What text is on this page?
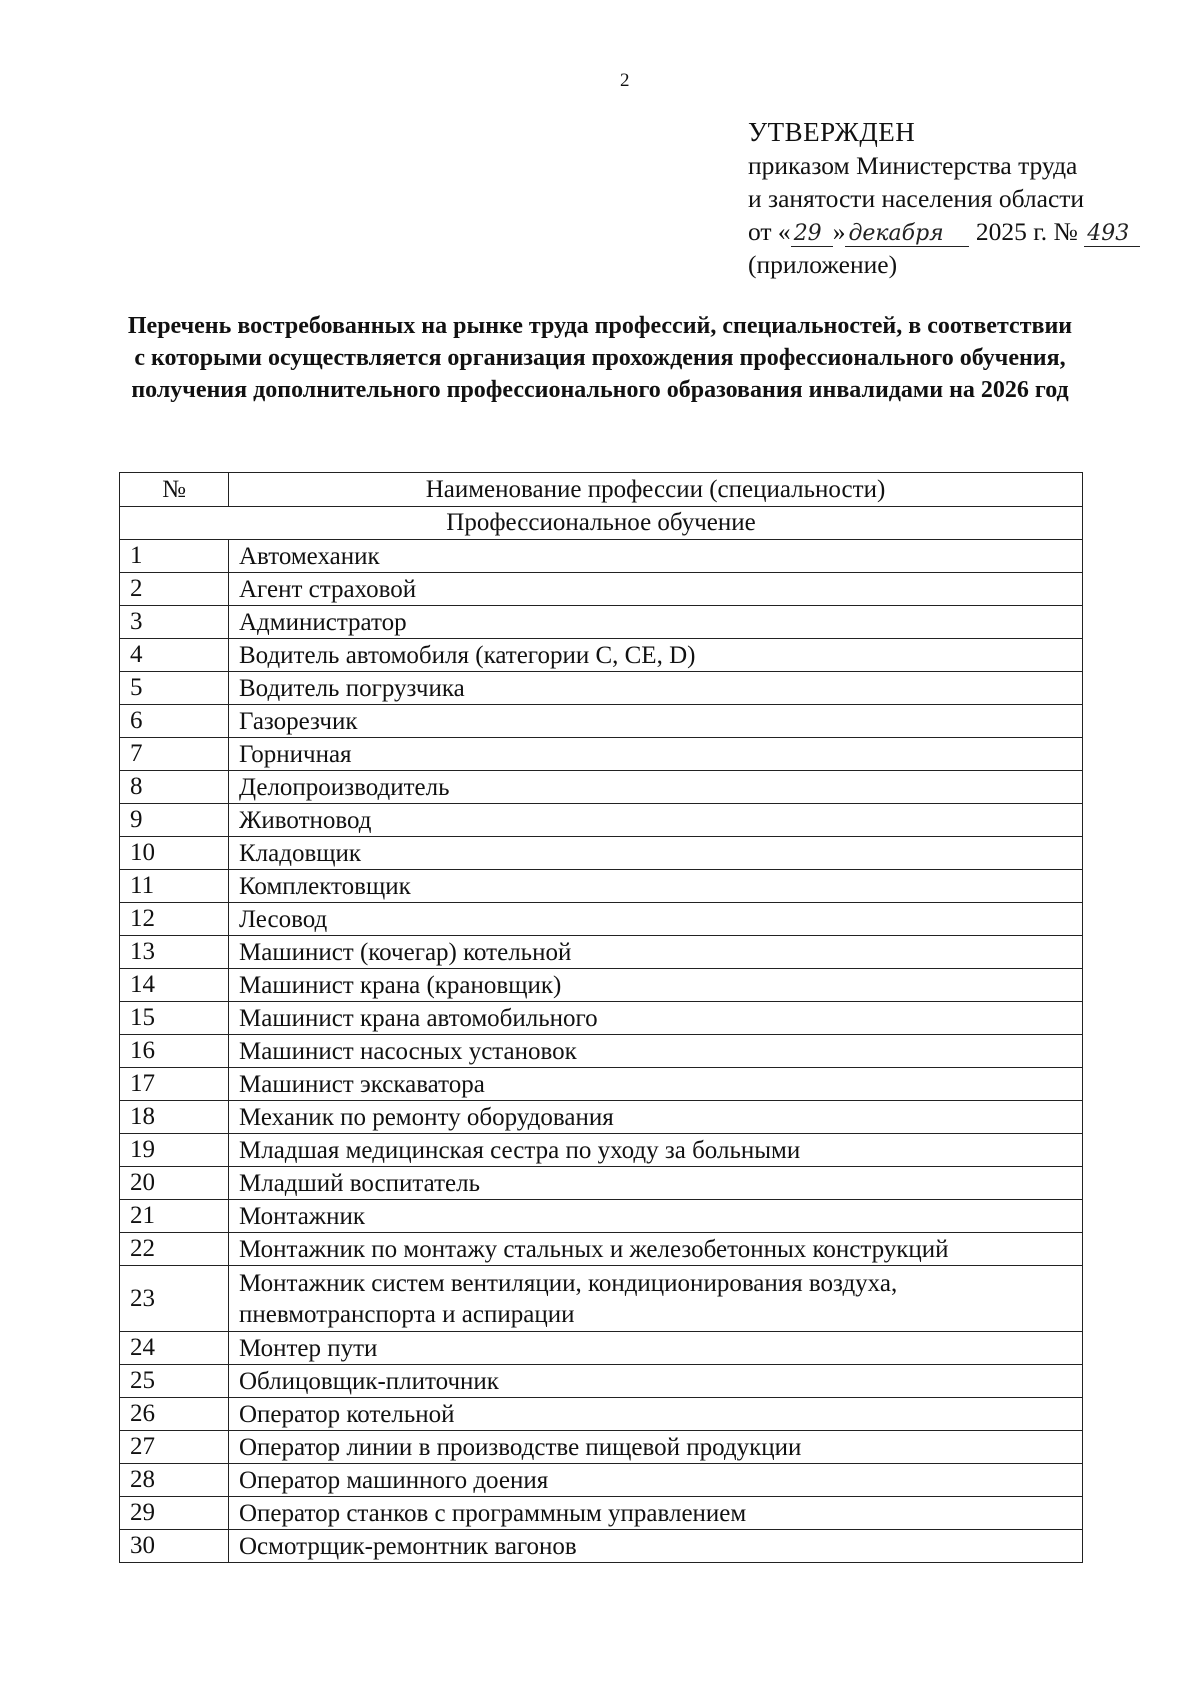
2
УТВЕРЖДЕН
приказом Министерства труда
и занятости населения области
от « 29 » декабря 2025 г. № 493
(приложение)
Перечень востребованных на рынке труда профессий, специальностей, в соответствии с которыми осуществляется организация прохождения профессионального обучения, получения дополнительного профессионального образования инвалидами на 2026 год
№	Наименование профессии (специальности)
Профессиональное обучение	
1	Автомеханик
2	Агент страховой
3	Администратор
4	Водитель автомобиля (категории С, СЕ, D)
5	Водитель погрузчика
6	Газорезчик
7	Горничная
8	Делопроизводитель
9	Животновод
10	Кладовщик
11	Комплектовщик
12	Лесовод
13	Машинист (кочегар) котельной
14	Машинист крана (крановщик)
15	Машинист крана автомобильного
16	Машинист насосных установок
17	Машинист экскаватора
18	Механик по ремонту оборудования
19	Младшая медицинская сестра по уходу за больными
20	Младший воспитатель
21	Монтажник
22	Монтажник по монтажу стальных и железобетонных конструкций
23	Монтажник систем вентиляции, кондиционирования воздуха, пневмотранспорта и аспирации
24	Монтер пути
25	Облицовщик-плиточник
26	Оператор котельной
27	Оператор линии в производстве пищевой продукции
28	Оператор машинного доения
29	Оператор станков с программным управлением
30	Осмотрщик-ремонтник вагонов
